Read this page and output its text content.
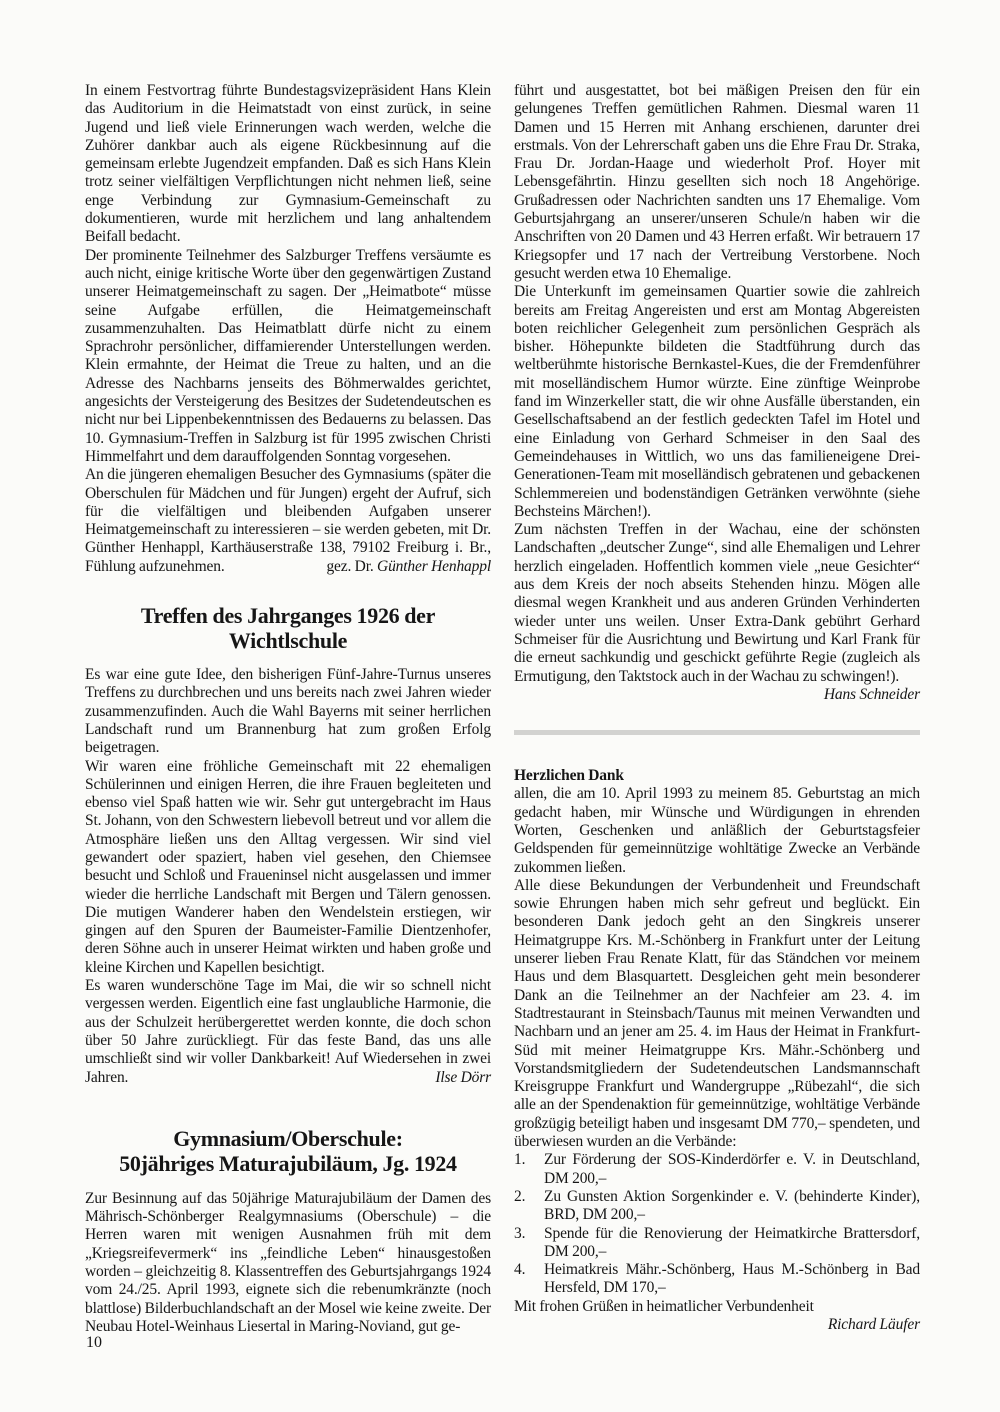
In einem Festvortrag führte Bundestagsvizepräsident Hans Klein das Auditorium in die Heimatstadt von einst zurück, in seine Jugend und ließ viele Erinnerungen wach werden, welche die Zuhörer dankbar auch als eigene Rückbesinnung auf die gemeinsam erlebte Jugendzeit empfanden. Daß es sich Hans Klein trotz seiner vielfältigen Verpflichtungen nicht nehmen ließ, seine enge Verbindung zur Gymnasium-Gemeinschaft zu dokumentieren, wurde mit herzlichem und lang anhaltendem Beifall bedacht.

Der prominente Teilnehmer des Salzburger Treffens versäumte es auch nicht, einige kritische Worte über den gegenwärtigen Zustand unserer Heimatgemeinschaft zu sagen. Der „Heimatbote“ müsse seine Aufgabe erfüllen, die Heimatgemeinschaft zusammenzuhalten. Das Heimatblatt dürfe nicht zu einem Sprachrohr persönlicher, diffamierender Unterstellungen werden. Klein ermahnte, der Heimat die Treue zu halten, und an die Adresse des Nachbarns jenseits des Böhmerwaldes gerichtet, angesichts der Versteigerung des Besitzes der Sudetendeutschen es nicht nur bei Lippenbekenntnissen des Bedauerns zu belassen. Das 10. Gymnasium-Treffen in Salzburg ist für 1995 zwischen Christi Himmelfahrt und dem darauffolgenden Sonntag vorgesehen.

An die jüngeren ehemaligen Besucher des Gymnasiums (später die Oberschulen für Mädchen und für Jungen) ergeht der Aufruf, sich für die vielfältigen und bleibenden Aufgaben unserer Heimatgemeinschaft zu interessieren – sie werden gebeten, mit Dr. Günther Henhappl, Karthäuserstraße 138, 79102 Freiburg i. Br., Fühlung aufzunehmen.	gez. Dr. Günther Henhappl

Treffen des Jahrganges 1926 der Wichtlschule

Es war eine gute Idee, den bisherigen Fünf-Jahre-Turnus unseres Treffens zu durchbrechen und uns bereits nach zwei Jahren wieder zusammenzufinden. Auch die Wahl Bayerns mit seiner herrlichen Landschaft rund um Brannenburg hat zum großen Erfolg beigetragen.

Wir waren eine fröhliche Gemeinschaft mit 22 ehemaligen Schülerinnen und einigen Herren, die ihre Frauen begleiteten und ebenso viel Spaß hatten wie wir. Sehr gut untergebracht im Haus St. Johann, von den Schwestern liebevoll betreut und vor allem die Atmosphäre ließen uns den Alltag vergessen. Wir sind viel gewandert oder spaziert, haben viel gesehen, den Chiemsee besucht und Schloß und Fraueninsel nicht ausgelassen und immer wieder die herrliche Landschaft mit Bergen und Tälern genossen. Die mutigen Wanderer haben den Wendelstein erstiegen, wir gingen auf den Spuren der Baumeister-Familie Dientzenhofer, deren Söhne auch in unserer Heimat wirkten und haben große und kleine Kirchen und Kapellen besichtigt.

Es waren wunderschöne Tage im Mai, die wir so schnell nicht vergessen werden. Eigentlich eine fast unglaubliche Harmonie, die aus der Schulzeit herübergerettet werden konnte, die doch schon über 50 Jahre zurückliegt. Für das feste Band, das uns alle umschließt sind wir voller Dankbarkeit! Auf Wiedersehen in zwei Jahren.	Ilse Dörr

Gymnasium/Oberschule:
50jähriges Maturajubiläum, Jg. 1924

Zur Besinnung auf das 50jährige Maturajubiläum der Damen des Mährisch-Schönberger Realgymnasiums (Oberschule) – die Herren waren mit wenigen Ausnahmen früh mit dem „Kriegsreifevermerk“ ins „feindliche Leben“ hinausgestoßen worden – gleichzeitig 8. Klassentreffen des Geburtsjahrgangs 1924 vom 24./25. April 1993, eignete sich die rebenumkränzte (noch blattlose) Bilderbuchlandschaft an der Mosel wie keine zweite. Der Neubau Hotel-Weinhaus Liesertal in Maring-Noviand, gut ge-

führt und ausgestattet, bot bei mäßigen Preisen den für ein gelungenes Treffen gemütlichen Rahmen. Diesmal waren 11 Damen und 15 Herren mit Anhang erschienen, darunter drei erstmals. Von der Lehrerschaft gaben uns die Ehre Frau Dr. Straka, Frau Dr. Jordan-Haage und wiederholt Prof. Hoyer mit Lebensgefährtin. Hinzu gesellten sich noch 18 Angehörige. Grußadressen oder Nachrichten sandten uns 17 Ehemalige. Vom Geburtsjahrgang an unserer/unseren Schule/n haben wir die Anschriften von 20 Damen und 43 Herren erfaßt. Wir betrauern 17 Kriegsopfer und 17 nach der Vertreibung Verstorbene. Noch gesucht werden etwa 10 Ehemalige.

Die Unterkunft im gemeinsamen Quartier sowie die zahlreich bereits am Freitag Angereisten und erst am Montag Abgereisten boten reichlicher Gelegenheit zum persönlichen Gespräch als bisher. Höhepunkte bildeten die Stadtführung durch das weltberühmte historische Bernkastel-Kues, die der Fremdenführer mit moselländischem Humor würzte. Eine zünftige Weinprobe fand im Winzerkeller statt, die wir ohne Ausfälle überstanden, ein Gesellschaftsabend an der festlich gedeckten Tafel im Hotel und eine Einladung von Gerhard Schmeiser in den Saal des Gemeindehauses in Wittlich, wo uns das familieneigene Drei-Generationen-Team mit moselländisch gebratenen und gebackenen Schlemmereien und bodenständigen Getränken verwöhnte (siehe Bechsteins Märchen!).

Zum nächsten Treffen in der Wachau, eine der schönsten Landschaften „deutscher Zunge“, sind alle Ehemaligen und Lehrer herzlich eingeladen. Hoffentlich kommen viele „neue Gesichter“ aus dem Kreis der noch abseits Stehenden hinzu. Mögen alle diesmal wegen Krankheit und aus anderen Gründen Verhinderten wieder unter uns weilen. Unser Extra-Dank gebührt Gerhard Schmeiser für die Ausrichtung und Bewirtung und Karl Frank für die erneut sachkundig und geschickt geführte Regie (zugleich als Ermutigung, den Taktstock auch in der Wachau zu schwingen!).

Hans Schneider
Herzlichen Dank

allen, die am 10. April 1993 zu meinem 85. Geburtstag an mich gedacht haben, mir Wünsche und Würdigungen in ehrenden Worten, Geschenken und anläßlich der Geburtstagsfeier Geldspenden für gemeinnützige wohltätige Zwecke an Verbände zukommen ließen.

Alle diese Bekundungen der Verbundenheit und Freundschaft sowie Ehrungen haben mich sehr gefreut und beglückt. Ein besonderen Dank jedoch geht an den Singkreis unserer Heimatgruppe Krs. M.-Schönberg in Frankfurt unter der Leitung unserer lieben Frau Renate Klatt, für das Ständchen vor meinem Haus und dem Blasquartett. Desgleichen geht mein besonderer Dank an die Teilnehmer an der Nachfeier am 23. 4. im Stadtrestaurant in Steinsbach/Taunus mit meinen Verwandten und Nachbarn und an jener am 25. 4. im Haus der Heimat in Frankfurt-Süd mit meiner Heimatgruppe Krs. Mähr.-Schönberg und Vorstandsmitgliedern der Sudetendeutschen Landsmannschaft Kreisgruppe Frankfurt und Wandergruppe „Rübezahl“, die sich alle an der Spendenaktion für gemeinnützige, wohltätige Verbände großzügig beteiligt haben und insgesamt DM 770,– spendeten, und überwiesen wurden an die Verbände:

1. Zur Förderung der SOS-Kinderdörfer e. V. in Deutschland, DM 200,–
2. Zu Gunsten Aktion Sorgenkinder e. V. (behinderte Kinder), BRD, DM 200,–
3. Spende für die Renovierung der Heimatkirche Brattersdorf, DM 200,–
4. Heimatkreis Mähr.-Schönberg, Haus M.-Schönberg in Bad Hersfeld, DM 170,–

Mit frohen Grüßen in heimatlicher Verbundenheit

Richard Läufer
10
